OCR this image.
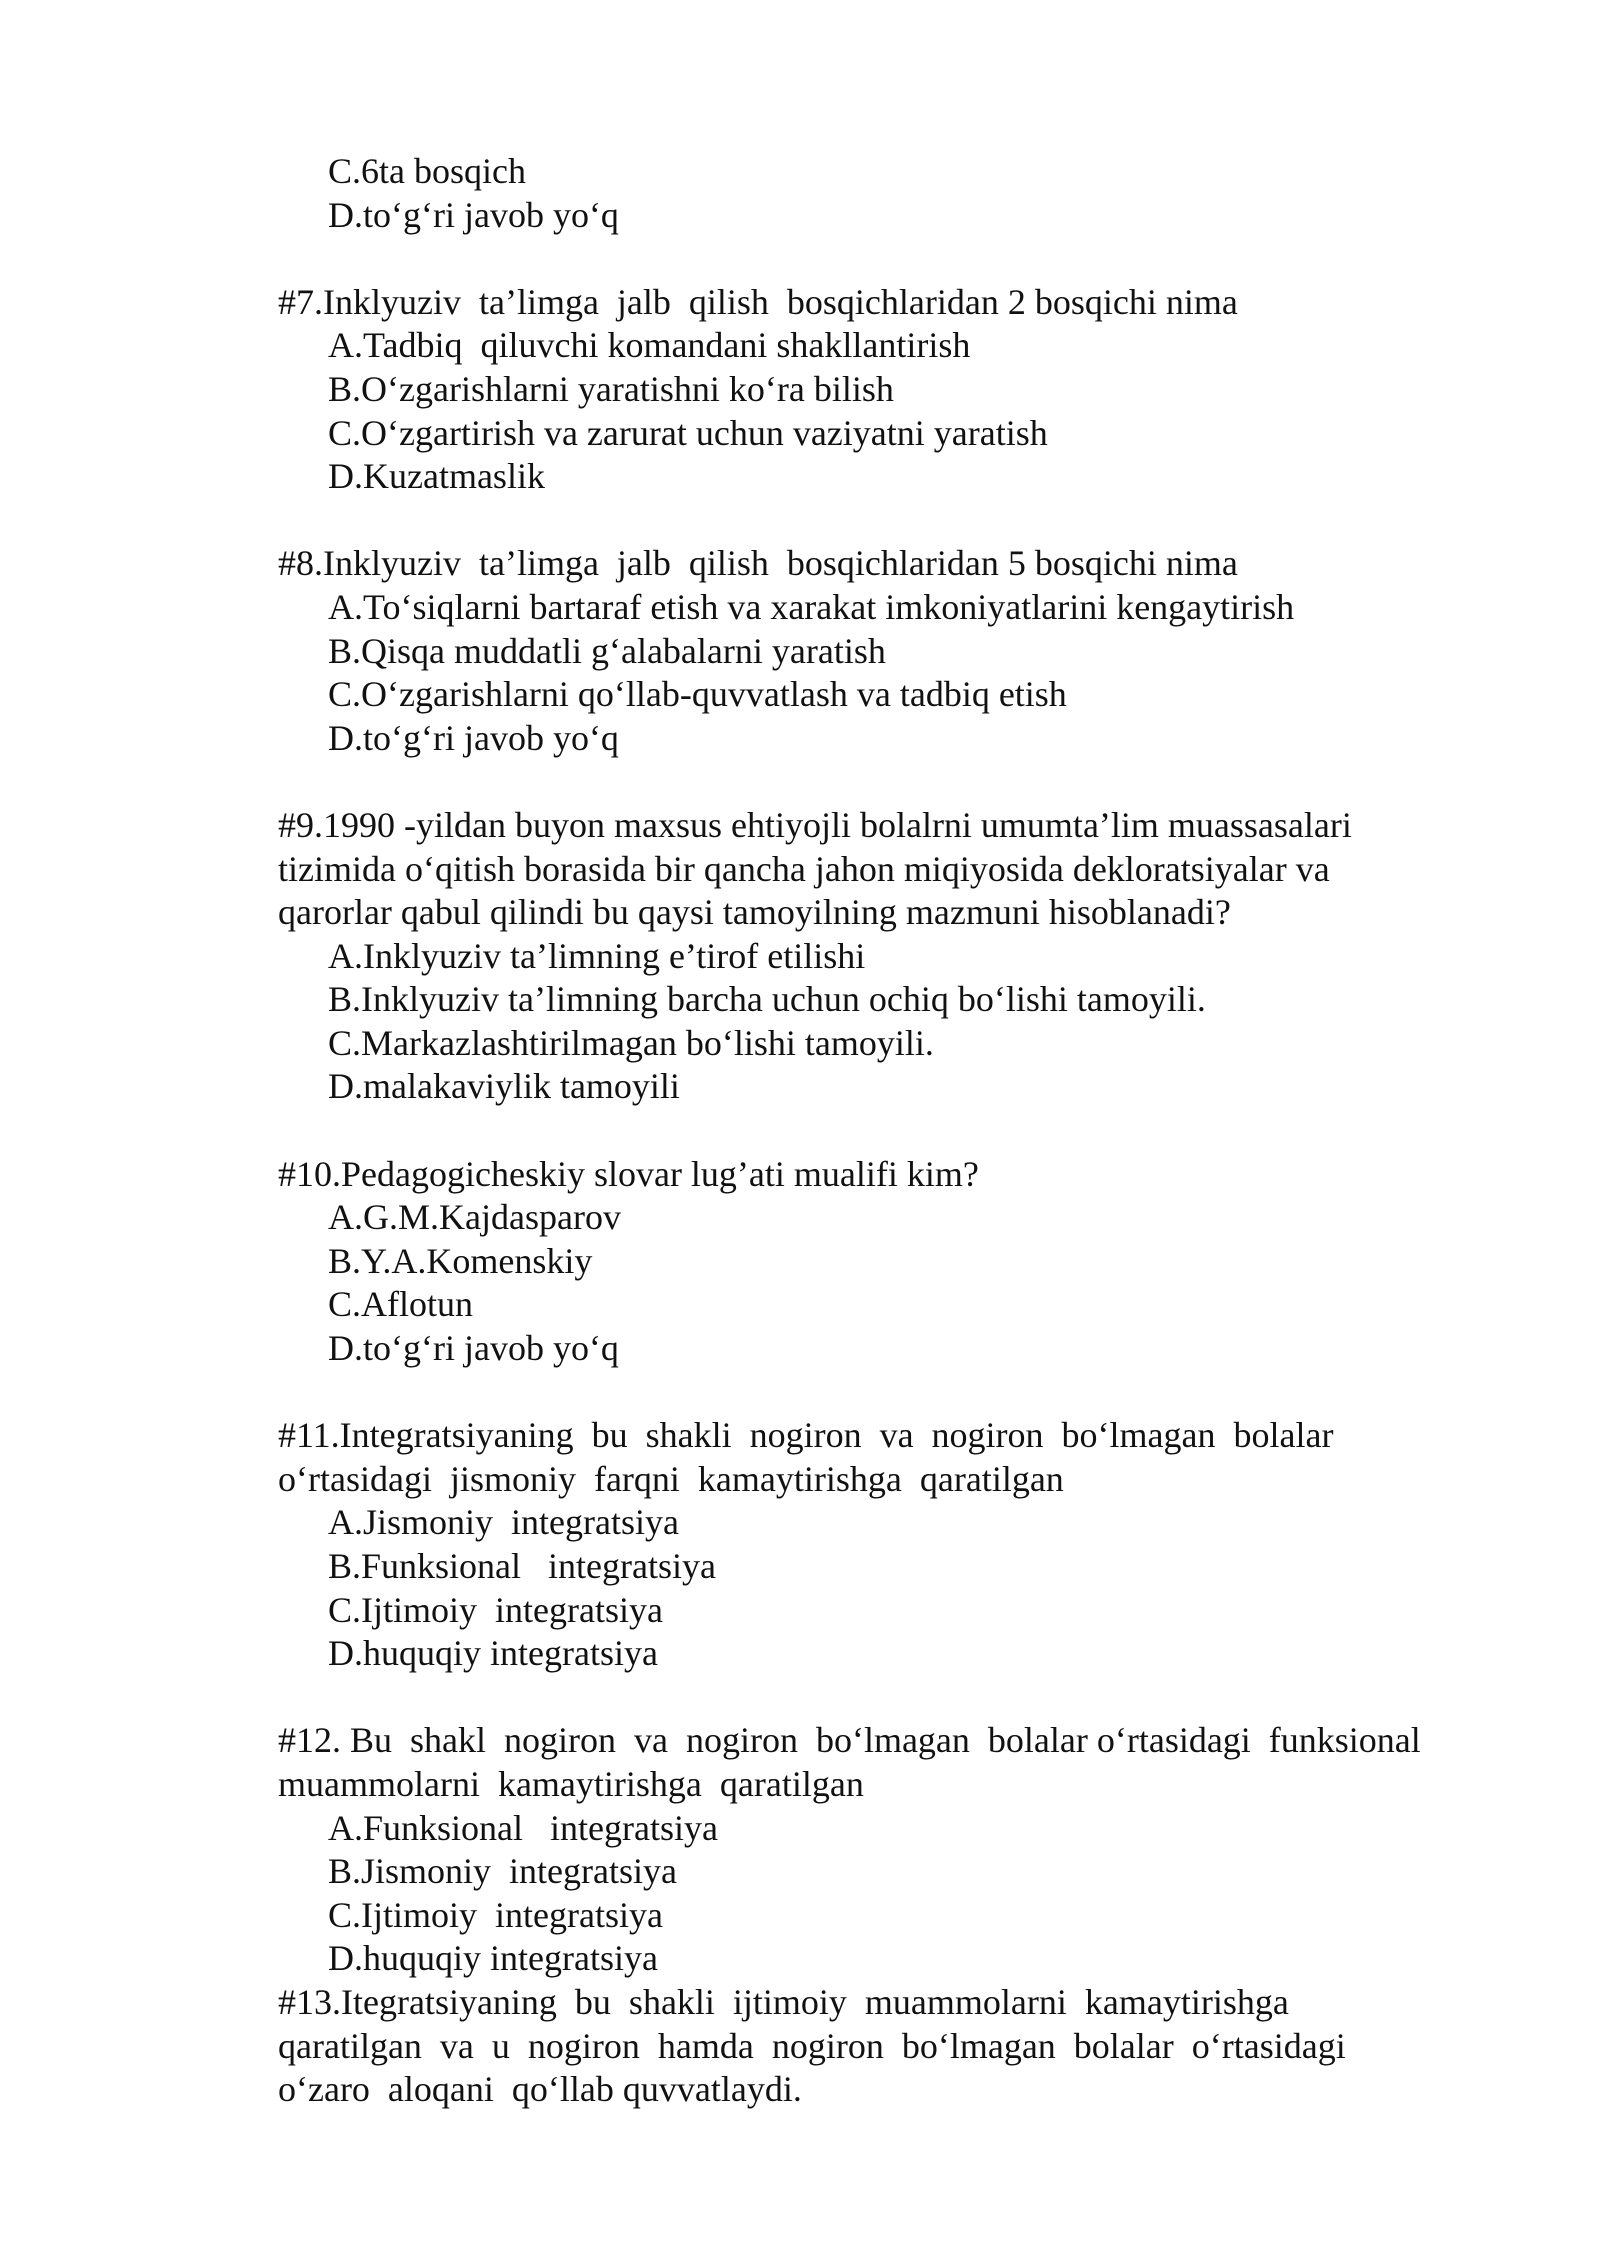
C.6ta bosqich

D.to‘g‘ri javob yo‘q

#7.Inklyuziv  ta’limga  jalb  qilish  bosqichlaridan 2 bosqichi nima

A.Tadbiq  qiluvchi komandani shakllantirish

B.O‘zgarishlarni yaratishni ko‘ra bilish

C.O‘zgartirish va zarurat uchun vaziyatni yaratish

D.Kuzatmaslik

#8.Inklyuziv  ta’limga  jalb  qilish  bosqichlaridan 5 bosqichi nima

A.To‘siqlarni bartaraf etish va xarakat imkoniyatlarini kengaytirish

B.Qisqa muddatli g‘alabalarni yaratish

C.O‘zgarishlarni qo‘llab-quvvatlash va tadbiq etish

D.to‘g‘ri javob yo‘q

#9.1990 -yildan buyon maxsus ehtiyojli bolalrni umumta’lim muassasalari

tizimida o‘qitish borasida bir qancha jahon miqiyosida dekloratsiyalar va

qarorlar qabul qilindi bu qaysi tamoyilning mazmuni hisoblanadi?

A.Inklyuziv ta’limning e’tirof etilishi

B.Inklyuziv ta’limning barcha uchun ochiq bo‘lishi tamoyili.

C.Markazlashtirilmagan bo‘lishi tamoyili.

D.malakaviylik tamoyili

#10.Pedagogicheskiy slovar lug’ati mualifi kim?

A.G.M.Kajdasparov

B.Y.A.Komenskiy

C.Aflotun

D.to‘g‘ri javob yo‘q

#11.Integratsiyaning  bu  shakli  nogiron  va  nogiron  bo‘lmagan  bolalar

o‘rtasidagi  jismoniy  farqni  kamaytirishga  qaratilgan

A.Jismoniy  integratsiya

B.Funksional   integratsiya

C.Ijtimoiy  integratsiya

D.huquqiy integratsiya

#12. Bu  shakl  nogiron  va  nogiron  bo‘lmagan  bolalar o‘rtasidagi  funksional

muammolarni  kamaytirishga  qaratilgan

A.Funksional   integratsiya

B.Jismoniy  integratsiya

C.Ijtimoiy  integratsiya

D.huquqiy integratsiya

#13.Itegratsiyaning  bu  shakli  ijtimoiy  muammolarni  kamaytirishga

qaratilgan  va  u  nogiron  hamda  nogiron  bo‘lmagan  bolalar  o‘rtasidagi

o‘zaro  aloqani  qo‘llab quvvatlaydi.
